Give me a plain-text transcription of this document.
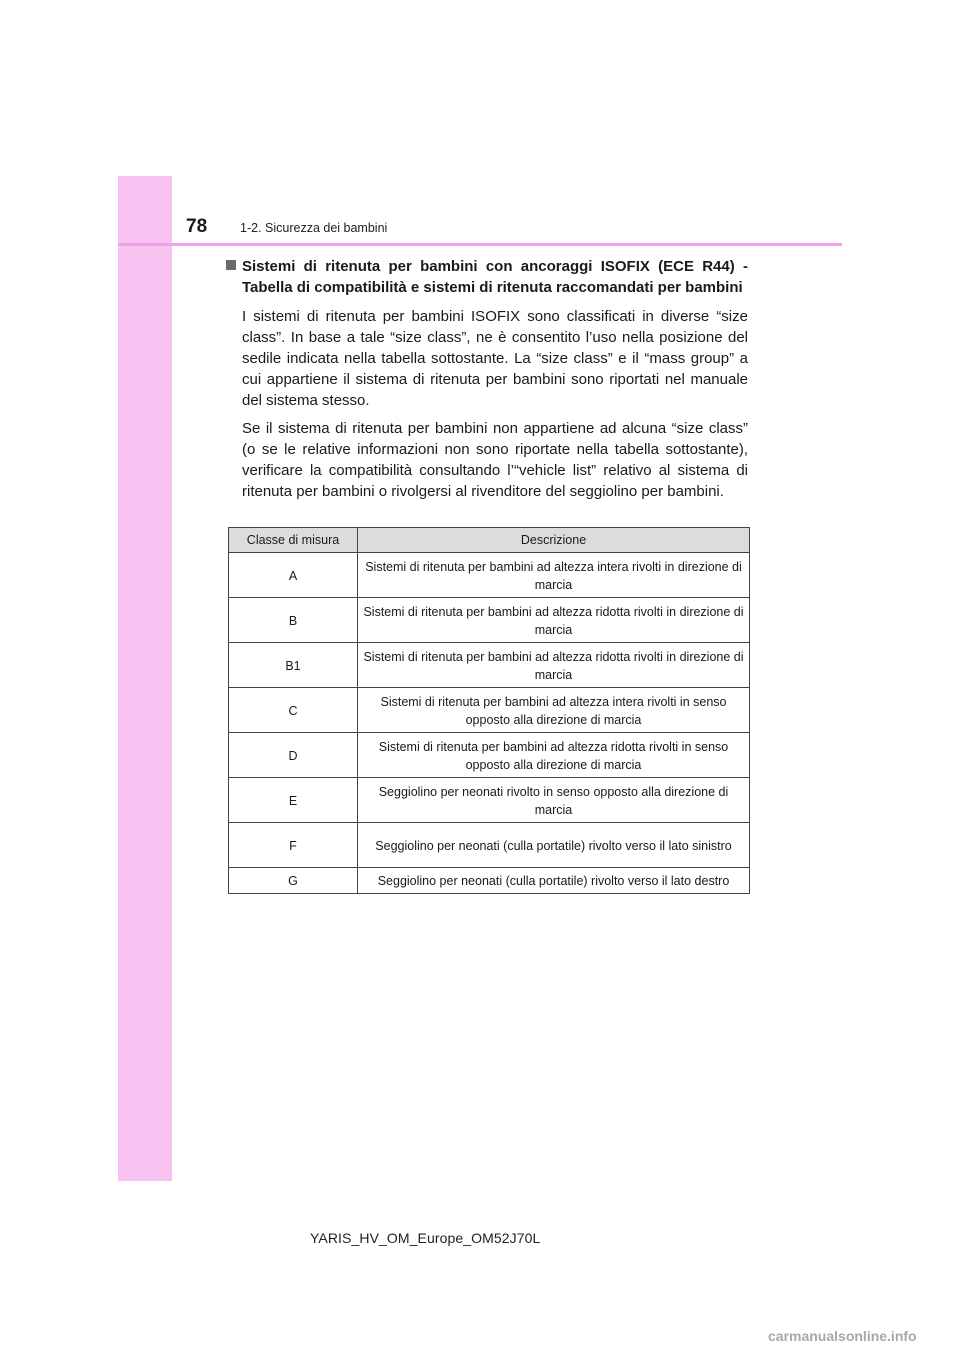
78	1-2. Sicurezza dei bambini
Sistemi di ritenuta per bambini con ancoraggi ISOFIX (ECE R44) - Tabella di compatibilità e sistemi di ritenuta raccomandati per bambini

I sistemi di ritenuta per bambini ISOFIX sono classificati in diverse “size class”. In base a tale “size class”, ne è consentito l’uso nella posizione del sedile indicata nella tabella sottostante. La “size class” e il “mass group” a cui appartiene il sistema di ritenuta per bambini sono riportati nel manuale del sistema stesso.

Se il sistema di ritenuta per bambini non appartiene ad alcuna “size class” (o se le relative informazioni non sono riportate nella tabella sottostante), verificare la compatibilità consultando l’“vehicle list” relativo al sistema di ritenuta per bambini o rivolgersi al rivenditore del seggiolino per bambini.

Classe di misura	Descrizione
A	Sistemi di ritenuta per bambini ad altezza intera rivolti in direzione di marcia
B	Sistemi di ritenuta per bambini ad altezza ridotta rivolti in direzione di marcia
B1	Sistemi di ritenuta per bambini ad altezza ridotta rivolti in direzione di marcia
C	Sistemi di ritenuta per bambini ad altezza intera rivolti in senso opposto alla direzione di marcia
D	Sistemi di ritenuta per bambini ad altezza ridotta rivolti in senso opposto alla direzione di marcia
E	Seggiolino per neonati rivolto in senso opposto alla direzione di marcia
F	Seggiolino per neonati (culla portatile) rivolto verso il lato sinistro
G	Seggiolino per neonati (culla portatile) rivolto verso il lato destro
YARIS_HV_OM_Europe_OM52J70L
carmanualsonline.info
